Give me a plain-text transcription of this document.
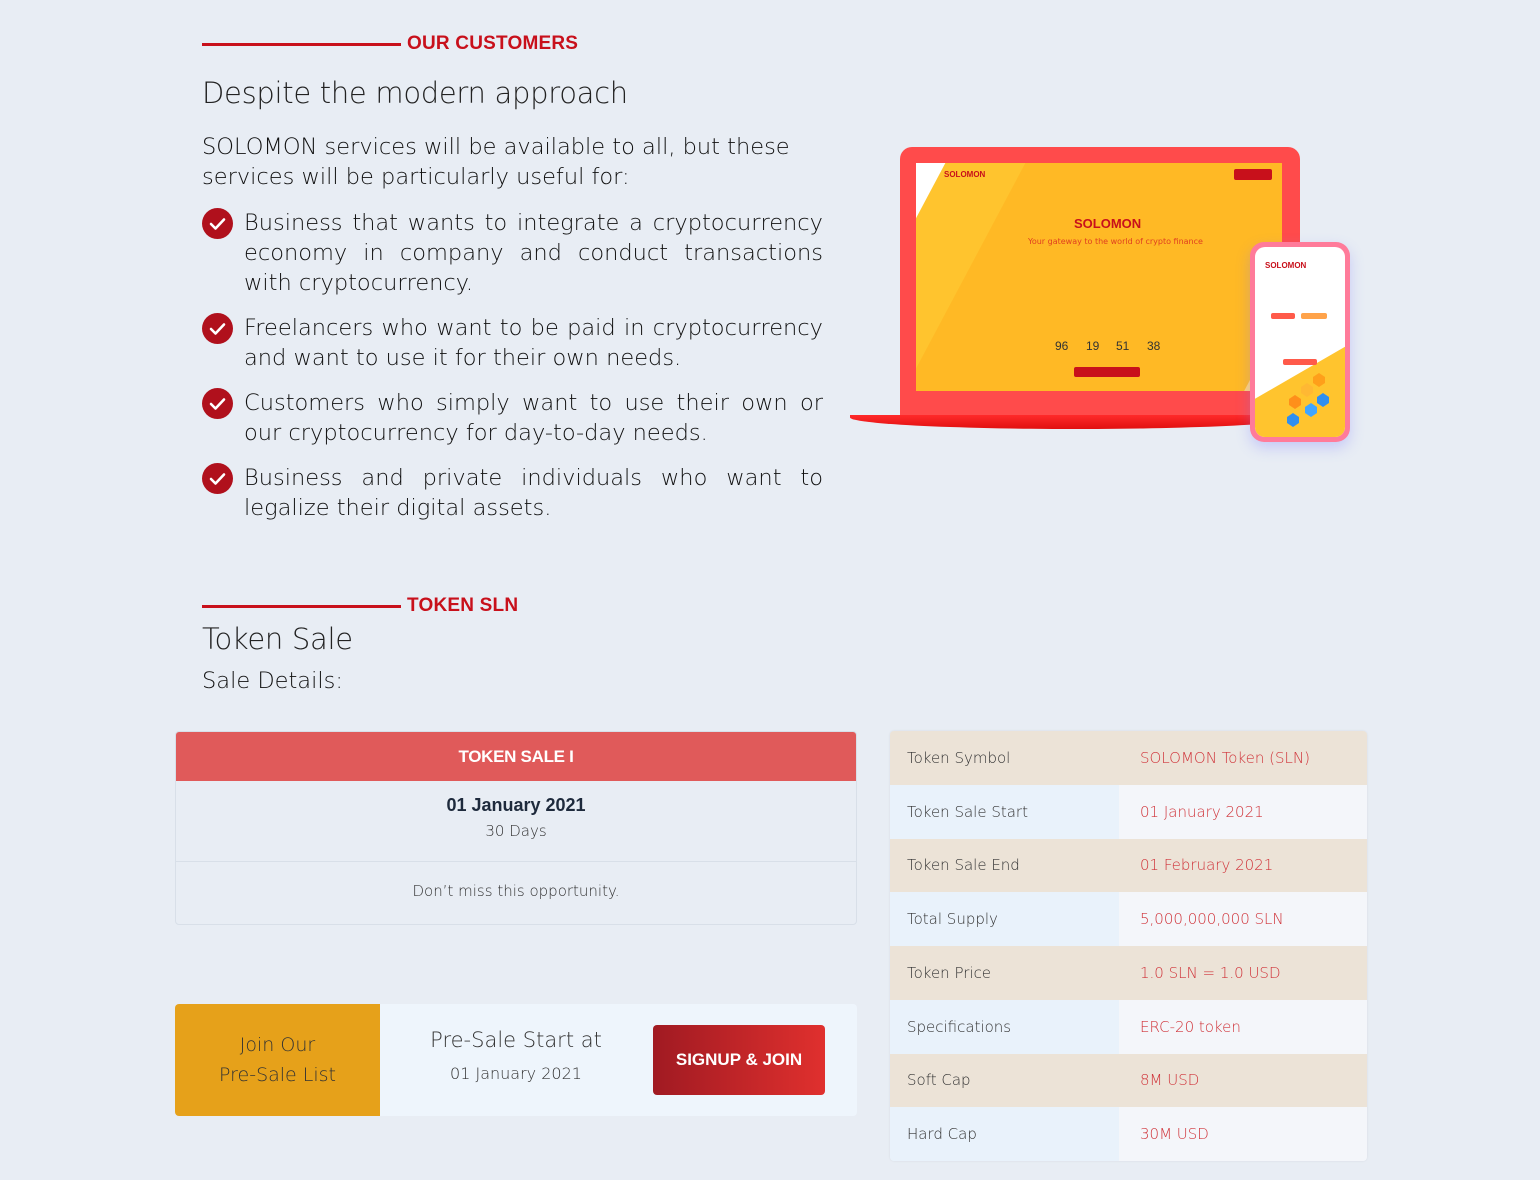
OUR CUSTOMERS
Despite the modern approach
SOLOMON services will be available to all, but these services will be particularly useful for:
Business that wants to integrate a cryptocurrency economy in company and conduct transactions with cryptocurrency.
Freelancers who want to be paid in cryptocurrency and want to use it for their own needs.
Customers who simply want to use their own or our cryptocurrency for day-to-day needs.
Business and private individuals who want to legalize their digital assets.
SOLOMON
SOLOMON
Your gateway to the world of crypto finance
96 19 51 38
SOLOMON
TOKEN SLN
Token Sale
Sale Details:
TOKEN SALE I
01 January 2021
30 Days
Don’t miss this opportunity.
Join Our
Pre-Sale List
Pre-Sale Start at
01 January 2021
SIGNUP & JOIN
Token Symbol	SOLOMON Token (SLN)
Token Sale Start	01 January 2021
Token Sale End	01 February 2021
Total Supply	5,000,000,000 SLN
Token Price	1.0 SLN = 1.0 USD
Specifications	ERC-20 token
Soft Cap	8M USD
Hard Cap	30M USD
